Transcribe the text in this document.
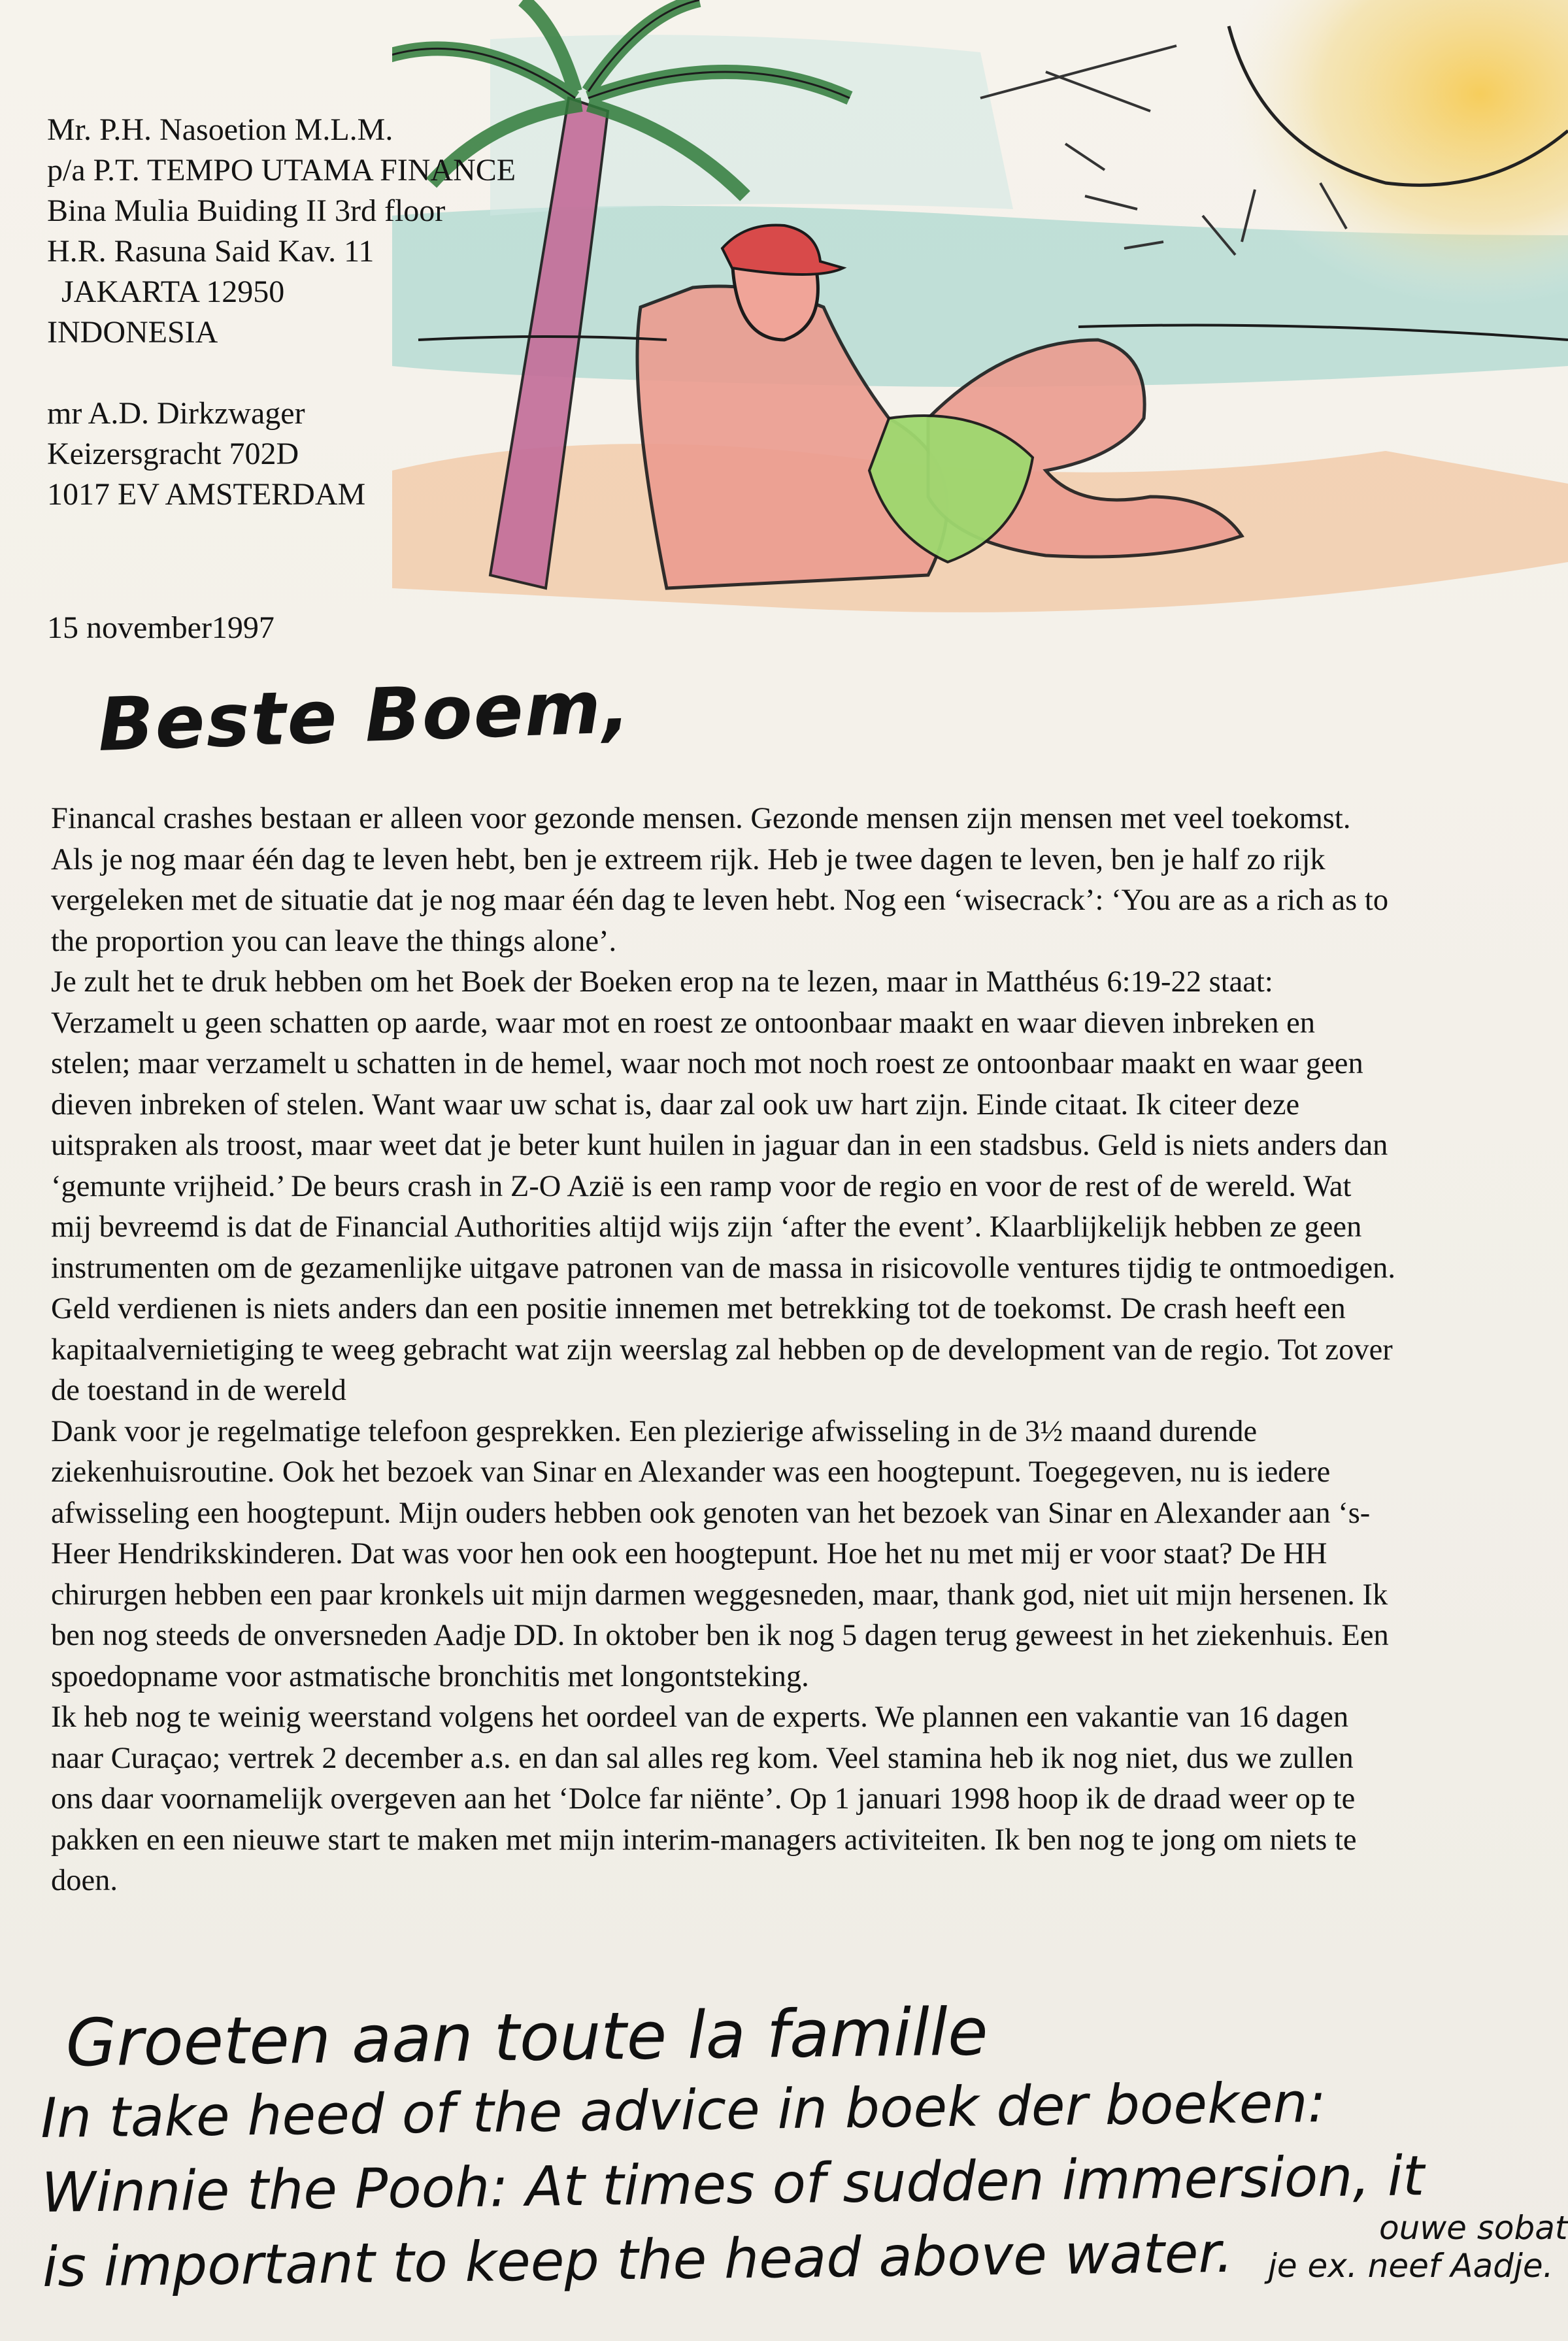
Mr. P.H. Nasoetion M.L.M.
p/a P.T. TEMPO UTAMA FINANCE
Bina Mulia Buiding II 3rd floor
H.R. Rasuna Said Kav. 11
JAKARTA 12950
INDONESIA
mr A.D. Dirkzwager
Keizersgracht 702D
1017 EV AMSTERDAM
15 november1997
Beste Boem,

Financal crashes bestaan er alleen voor gezonde mensen. Gezonde mensen zijn mensen met veel toekomst. Als je nog maar één dag te leven hebt, ben je extreem rijk. Heb je twee dagen te leven, ben je half zo rijk vergeleken met de situatie dat je nog maar één dag te leven hebt. Nog een ‘wisecrack’: ‘You are as a rich as to the proportion you can leave the things alone’.

Je zult het te druk hebben om het Boek der Boeken erop na te lezen, maar in Matthéus 6:19-22 staat: Verzamelt u geen schatten op aarde, waar mot en roest ze ontoonbaar maakt en waar dieven inbreken en stelen; maar verzamelt u schatten in de hemel, waar noch mot noch roest ze ontoonbaar maakt en waar geen dieven inbreken of stelen. Want waar uw schat is, daar zal ook uw hart zijn. Einde citaat. Ik citeer deze uitspraken als troost, maar weet dat je beter kunt huilen in jaguar dan in een stadsbus. Geld is niets anders dan ‘gemunte vrijheid.’ De beurs crash in Z-O Azië is een ramp voor de regio en voor de rest of de wereld. Wat mij bevreemd is dat de Financial Authorities altijd wijs zijn ‘after the event’. Klaarblijkelijk hebben ze geen instrumenten om de gezamenlijke uitgave patronen van de massa in risicovolle ventures tijdig te ontmoedigen. Geld verdienen is niets anders dan een positie innemen met betrekking tot de toekomst. De crash heeft een kapitaalvernietiging te weeg gebracht wat zijn weerslag zal hebben op de development van de regio. Tot zover de toestand in de wereld

Dank voor je regelmatige telefoon gesprekken. Een plezierige afwisseling in de 3½ maand durende ziekenhuisroutine. Ook het bezoek van Sinar en Alexander was een hoogtepunt. Toegegeven, nu is iedere afwisseling een hoogtepunt. Mijn ouders hebben ook genoten van het bezoek van Sinar en Alexander aan ‘s-Heer Hendrikskinderen. Dat was voor hen ook een hoogtepunt. Hoe het nu met mij er voor staat? De HH chirurgen hebben een paar kronkels uit mijn darmen weggesneden, maar, thank god, niet uit mijn hersenen. Ik ben nog steeds de onversneden Aadje DD. In oktober ben ik nog 5 dagen terug geweest in het ziekenhuis. Een spoedopname voor astmatische bronchitis met longontsteking.

Ik heb nog te weinig weerstand volgens het oordeel van de experts. We plannen een vakantie van 16 dagen naar Curaçao; vertrek 2 december a.s. en dan sal alles reg kom. Veel stamina heb ik nog niet, dus we zullen ons daar voornamelijk overgeven aan het ‘Dolce far niënte’. Op 1 januari 1998 hoop ik de draad weer op te pakken en een nieuwe start te maken met mijn interim-managers activiteiten. Ik ben nog te jong om niets te doen.

Groeten aan toute la famille
In take heed of the advice in boek der boeken:
Winnie the Pooh: At times of sudden immersion, it
is important to keep the head above water.	ouwe sobat
je ex. neef Aadje.
